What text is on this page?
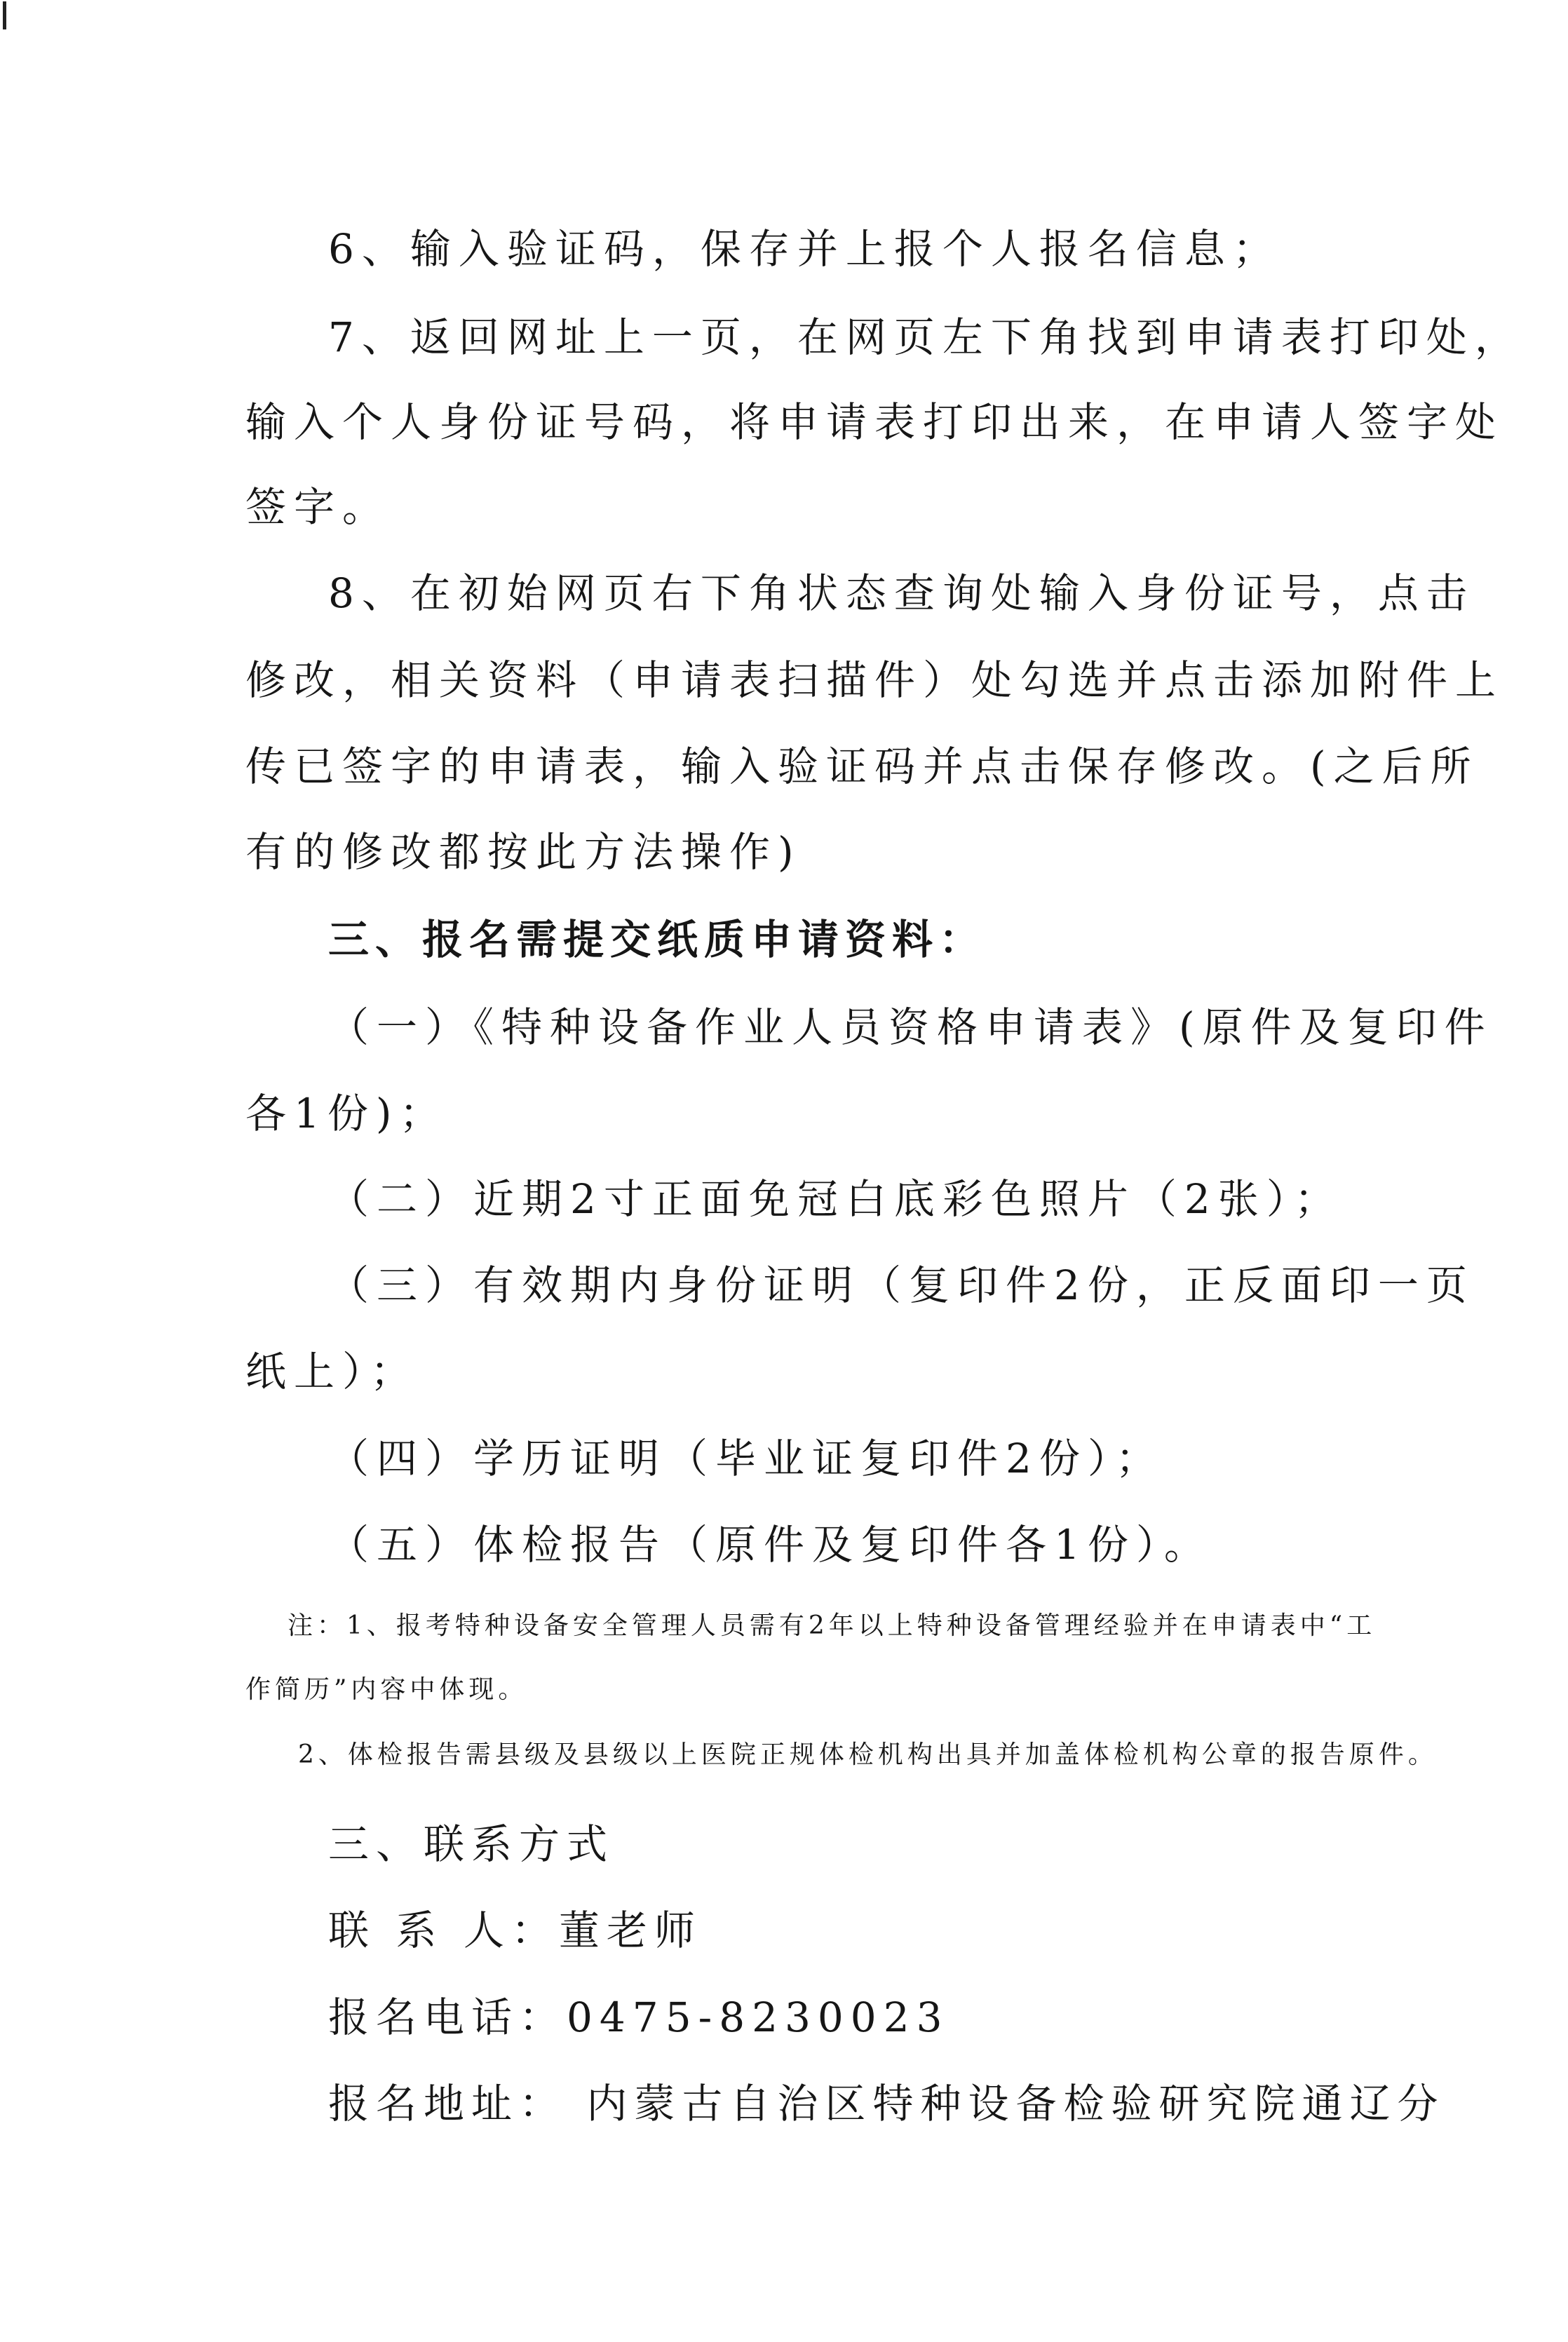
6、输入验证码，保存并上报个人报名信息；
7、返回网址上一页，在网页左下角找到申请表打印处，
输入个人身份证号码，将申请表打印出来，在申请人签字处
签字。
8、在初始网页右下角状态查询处输入身份证号，点击
修改，相关资料（申请表扫描件）处勾选并点击添加附件上
传已签字的申请表，输入验证码并点击保存修改。(之后所
有的修改都按此方法操作)
三、报名需提交纸质申请资料：
（一）《特种设备作业人员资格申请表》(原件及复印件
各1份)；
（二）近期2寸正面免冠白底彩色照片（2张）；
（三）有效期内身份证明（复印件2份，正反面印一页
纸上）；
（四）学历证明（毕业证复印件2份）；
（五）体检报告（原件及复印件各1份）。
注：1、报考特种设备安全管理人员需有2年以上特种设备管理经验并在申请表中“工
作简历”内容中体现。
2、体检报告需县级及县级以上医院正规体检机构出具并加盖体检机构公章的报告原件。
三、联系方式
联 系 人：董老师
报名电话：0475-8230023
报名地址： 内蒙古自治区特种设备检验研究院通辽分
